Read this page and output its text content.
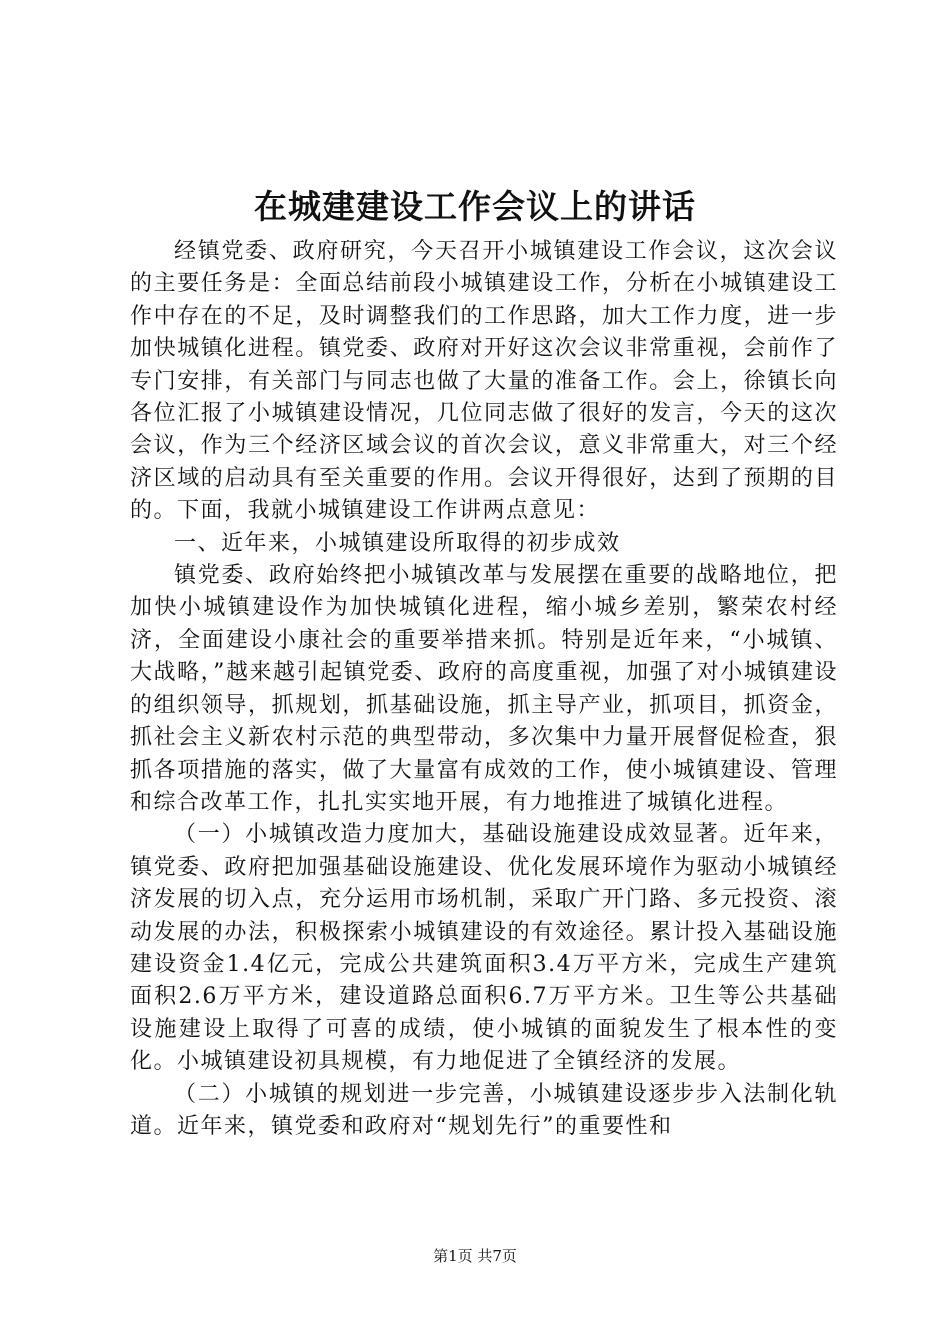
在城建建设工作会议上的讲话

经镇党委、政府研究，今天召开小城镇建设工作会议，这次会议的主要任务是：全面总结前段小城镇建设工作，分析在小城镇建设工作中存在的不足，及时调整我们的工作思路，加大工作力度，进一步加快城镇化进程。镇党委、政府对开好这次会议非常重视，会前作了专门安排，有关部门与同志也做了大量的准备工作。会上，徐镇长向各位汇报了小城镇建设情况，几位同志做了很好的发言，今天的这次会议，作为三个经济区域会议的首次会议，意义非常重大，对三个经济区域的启动具有至关重要的作用。会议开得很好，达到了预期的目的。下面，我就小城镇建设工作讲两点意见：

一、近年来，小城镇建设所取得的初步成效

镇党委、政府始终把小城镇改革与发展摆在重要的战略地位，把加快小城镇建设作为加快城镇化进程，缩小城乡差别，繁荣农村经济，全面建设小康社会的重要举措来抓。特别是近年来，“小城镇、大战略，”越来越引起镇党委、政府的高度重视，加强了对小城镇建设的组织领导，抓规划，抓基础设施，抓主导产业，抓项目，抓资金，抓社会主义新农村示范的典型带动，多次集中力量开展督促检查，狠抓各项措施的落实，做了大量富有成效的工作，使小城镇建设、管理和综合改革工作，扎扎实实地开展，有力地推进了城镇化进程。

（一）小城镇改造力度加大，基础设施建设成效显著。近年来，镇党委、政府把加强基础设施建设、优化发展环境作为驱动小城镇经济发展的切入点，充分运用市场机制，采取广开门路、多元投资、滚动发展的办法，积极探索小城镇建设的有效途径。累计投入基础设施建设资金1.4亿元，完成公共建筑面积3.4万平方米，完成生产建筑面积2.6万平方米，建设道路总面积6.7万平方米。卫生等公共基础设施建设上取得了可喜的成绩，使小城镇的面貌发生了根本性的变化。小城镇建设初具规模，有力地促进了全镇经济的发展。

（二）小城镇的规划进一步完善，小城镇建设逐步步入法制化轨道。近年来，镇党委和政府对“规划先行”的重要性和

第1页 共7页
